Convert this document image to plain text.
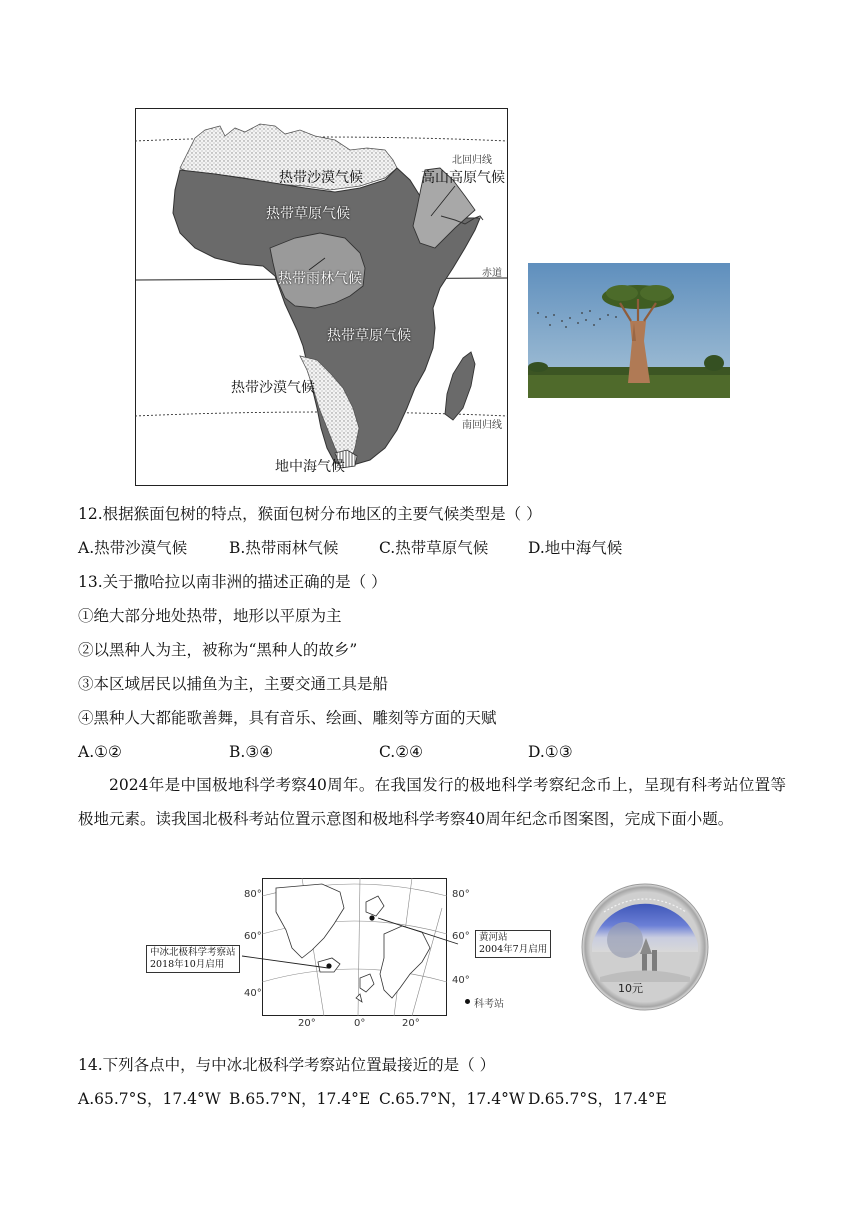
北回归线
赤道
南回归线
热带沙漠气候	高山高原气候
热带草原气候
热带雨林气候
热带草原气候
热带沙漠气候
地中海气候
12.根据猴面包树的特点，猴面包树分布地区的主要气候类型是（ ）
A.热带沙漠气候	B.热带雨林气候	C.热带草原气候	D.地中海气候
13.关于撒哈拉以南非洲的描述正确的是（ ）
①绝大部分地处热带，地形以平原为主
②以黑种人为主，被称为“黑种人的故乡”
③本区域居民以捕鱼为主，主要交通工具是船
④黑种人大都能歌善舞，具有音乐、绘画、雕刻等方面的天赋
A.①②	B.③④	C.②④	D.①③
2024年是中国极地科学考察40周年。在我国发行的极地科学考察纪念币上，呈现有科考站位置等极地元素。读我国北极科考站位置示意图和极地科学考察40周年纪念币图案图，完成下面小题。
80°
60°
40°
80°
60°
40°
20°	0°	20°
中冰北极科学考察站
2018年10月启用
黄河站
2004年7月启用
科考站
10元
14.下列各点中，与中冰北极科学考察站位置最接近的是（ ）
A.65.7°S，17.4°W B.65.7°N，17.4°E C.65.7°N，17.4°W D.65.7°S，17.4°E
